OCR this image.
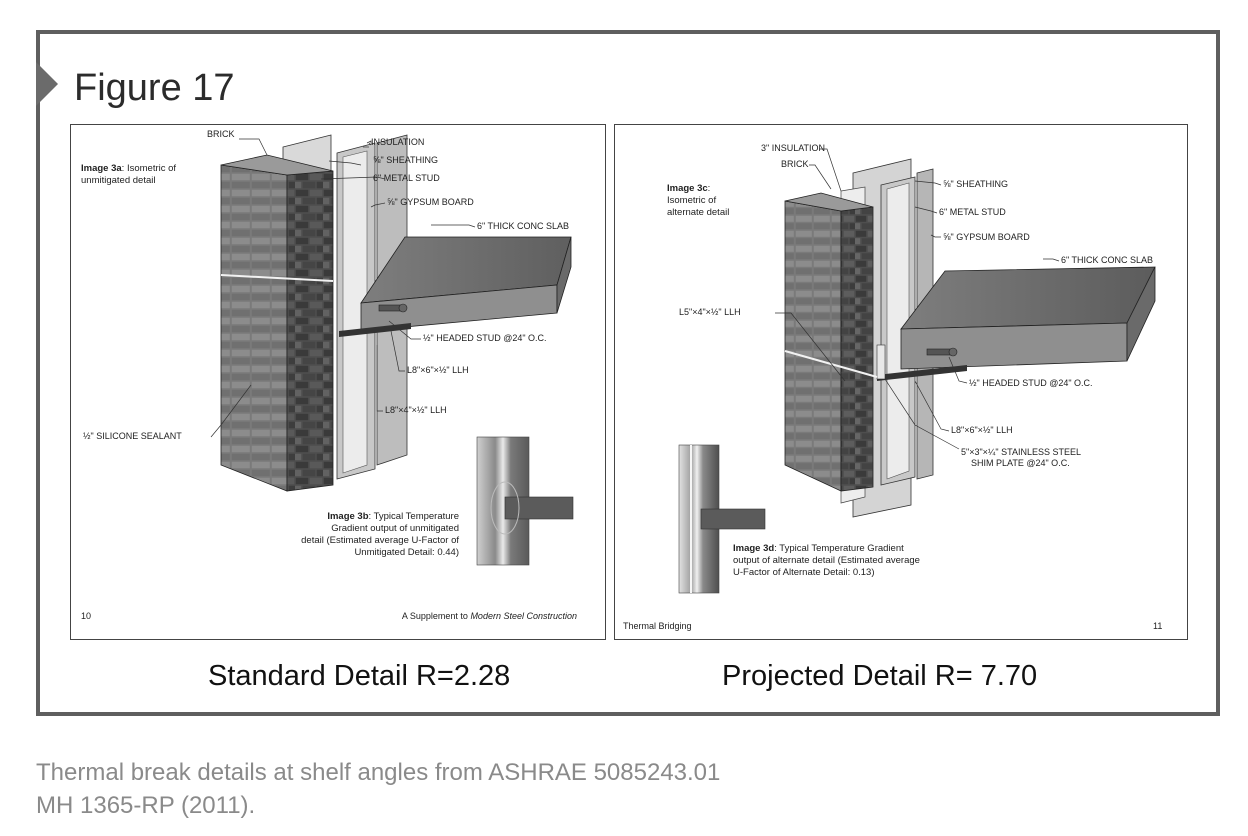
Figure 17
Image 3a: Isometric of
unmitigated detail
BRICK
INSULATION
⅝" SHEATHING
6" METAL STUD
⅝" GYPSUM BOARD
6" THICK CONC SLAB
½" HEADED STUD @24" O.C.
L8"×6"×½" LLH
L8"×4"×½" LLH
½" SILICONE SEALANT
Image 3b: Typical Temperature
Gradient output of unmitigated
detail (Estimated average U-Factor of
Unmitigated Detail: 0.44)
10	A Supplement to Modern Steel Construction
Image 3c:
Isometric of
alternate detail
3" INSULATION
BRICK
⅝" SHEATHING
6" METAL STUD
⅝" GYPSUM BOARD
6" THICK CONC SLAB
L5"×4"×½" LLH
½" HEADED STUD @24" O.C.
L8"×6"×½" LLH
5"×3"×¼" STAINLESS STEEL
SHIM PLATE @24" O.C.
Image 3d: Typical Temperature Gradient
output of alternate detail (Estimated average
U-Factor of Alternate Detail: 0.13)
Thermal Bridging	11
Standard Detail R=2.28	Projected Detail R= 7.70

Thermal break details at shelf angles from ASHRAE 5085243.01
MH 1365-RP (2011).
